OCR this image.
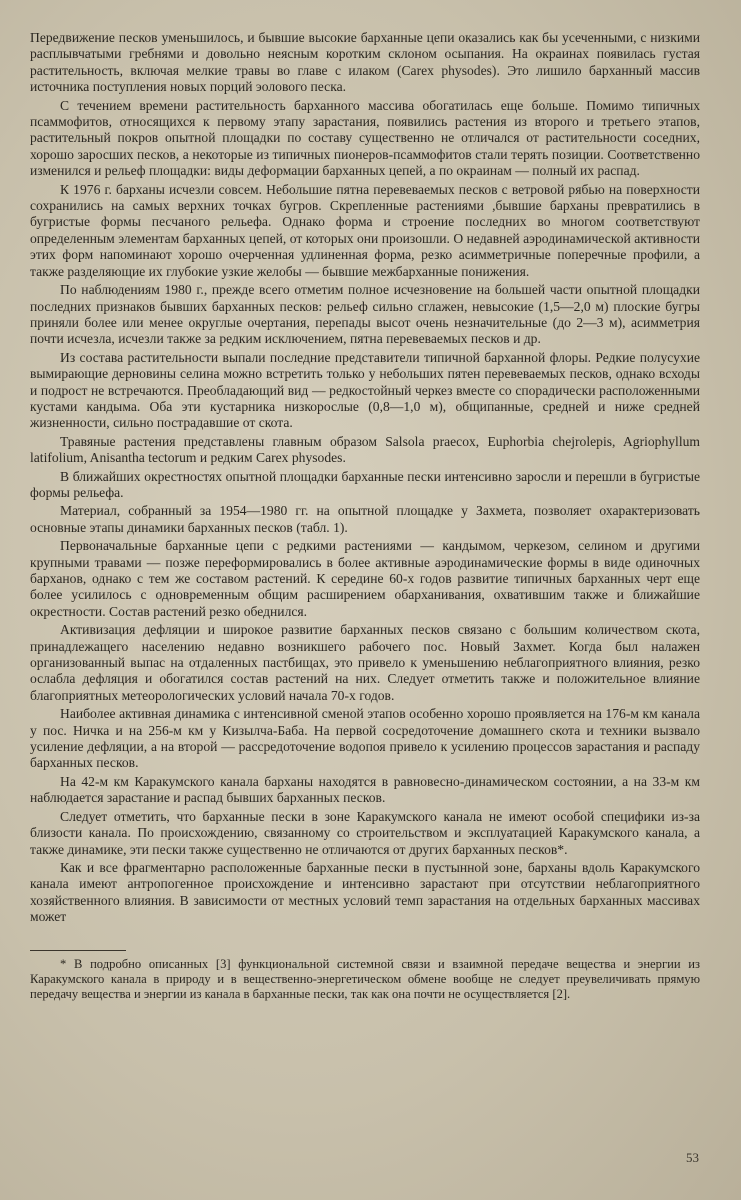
Передвижение песков уменьшилось, и бывшие высокие барханные цепи оказались как бы усеченными, с низкими расплывчатыми гребнями и довольно неясным коротким склоном осыпания. На окраинах появилась густая растительность, включая мелкие травы во главе с илаком (Carex physodes). Это лишило барханный массив источника поступления новых порций эолового песка.

С течением времени растительность барханного массива обогатилась еще больше. Помимо типичных псаммофитов, относящихся к первому этапу зарастания, появились растения из второго и третьего этапов, растительный покров опытной площадки по составу существенно не отличался от растительности соседних, хорошо заросших песков, а некоторые из типичных пионеров-псаммофитов стали терять позиции. Соответственно изменился и рельеф площадки: виды деформации барханных цепей, а по окраинам — полный их распад.

К 1976 г. барханы исчезли совсем. Небольшие пятна перевеваемых песков с ветровой рябью на поверхности сохранились на самых верхних точках бугров. Скрепленные растениями ,бывшие барханы превратились в бугристые формы песчаного рельефа. Однако форма и строение последних во многом соответствуют определенным элементам барханных цепей, от которых они произошли. О недавней аэродинамической активности этих форм напоминают хорошо очерченная удлиненная форма, резко асимметричные поперечные профили, а также разделяющие их глубокие узкие желобы — бывшие межбарханные понижения.

По наблюдениям 1980 г., прежде всего отметим полное исчезновение на большей части опытной площадки последних признаков бывших барханных песков: рельеф сильно сглажен, невысокие (1,5—2,0 м) плоские бугры приняли более или менее округлые очертания, перепады высот очень незначительные (до 2—3 м), асимметрия почти исчезла, исчезли также за редким исключением, пятна перевеваемых песков и др.

Из состава растительности выпали последние представители типичной барханной флоры. Редкие полусухие вымирающие дерновины селина можно встретить только у небольших пятен перевеваемых песков, однако всходы и подрост не встречаются. Преобладающий вид — редкостойный черкез вместе со спорадически расположенными кустами кандыма. Оба эти кустарника низкорослые (0,8—1,0 м), общипанные, средней и ниже средней жизненности, сильно пострадавшие от скота.

Травяные растения представлены главным образом Salsola praecox, Euphorbia chejrolepis, Agriophyllum latifolium, Anisantha tectorum и редким Carex physodes.

В ближайших окрестностях опытной площадки барханные пески интенсивно заросли и перешли в бугристые формы рельефа.

Материал, собранный за 1954—1980 гг. на опытной площадке у Захмета, позволяет охарактеризовать основные этапы динамики барханных песков (табл. 1).

Первоначальные барханные цепи с редкими растениями — кандымом, черкезом, селином и другими крупными травами — позже переформировались в более активные аэродинамические формы в виде одиночных барханов, однако с тем же составом растений. К середине 60-х годов развитие типичных барханных черт еще более усилилось с одновременным общим расширением обарханивания, охватившим также и ближайшие окрестности. Состав растений резко обеднился.

Активизация дефляции и широкое развитие барханных песков связано с большим количеством скота, принадлежащего населению недавно возникшего рабочего пос. Новый Захмет. Когда был налажен организованный выпас на отдаленных пастбищах, это привело к уменьшению неблагоприятного влияния, резко ослабла дефляция и обогатился состав растений на них. Следует отметить также и положительное влияние благоприятных метеорологических условий начала 70-х годов.

Наиболее активная динамика с интенсивной сменой этапов особенно хорошо проявляется на 176-м км канала у пос. Ничка и на 256-м км у Кизылча-Баба. На первой сосредоточение домашнего скота и техники вызвало усиление дефляции, а на второй — рассредоточение водопоя привело к усилению процессов зарастания и распаду барханных песков.

На 42-м км Каракумского канала барханы находятся в равновесно-динамическом состоянии, а на 33-м км наблюдается зарастание и распад бывших барханных песков.

Следует отметить, что барханные пески в зоне Каракумского канала не имеют особой специфики из-за близости канала. По происхождению, связанному со строительством и эксплуатацией Каракумского канала, а также динамике, эти пески также существенно не отличаются от других барханных песков*.

Как и все фрагментарно расположенные барханные пески в пустынной зоне, барханы вдоль Каракумского канала имеют антропогенное происхождение и интенсивно зарастают при отсутствии неблагоприятного хозяйственного влияния. В зависимости от местных условий темп зарастания на отдельных барханных массивах может

* В подробно описанных [3] функциональной системной связи и взаимной передаче вещества и энергии из Каракумского канала в природу и в вещественно-энергетическом обмене вообще не следует преувеличивать прямую передачу вещества и энергии из канала в барханные пески, так как она почти не осуществляется [2].

53
